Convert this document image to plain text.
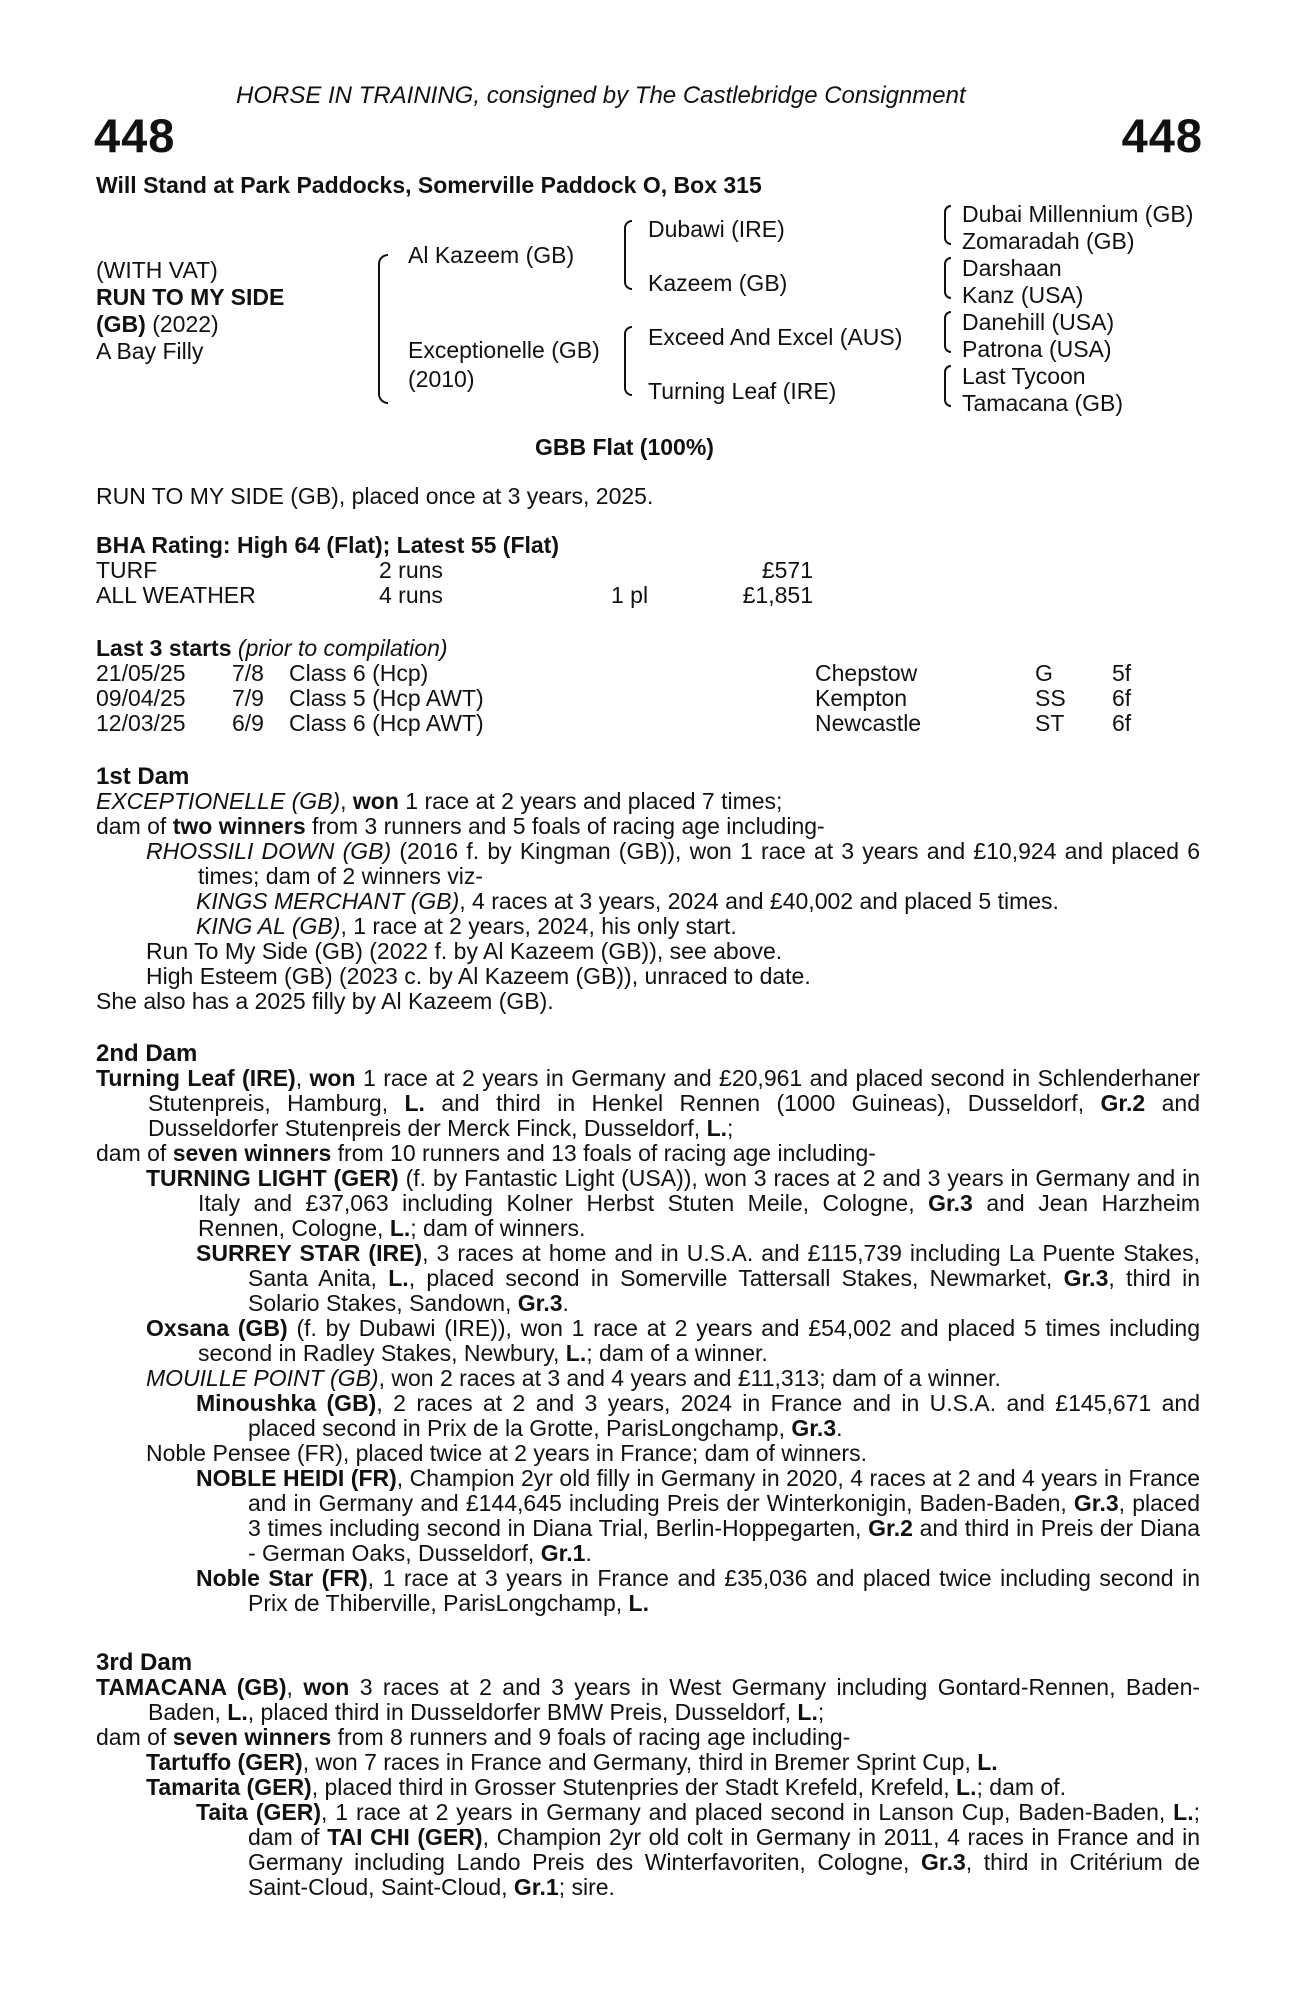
HORSE IN TRAINING, consigned by The Castlebridge Consignment
448	448
Will Stand at Park Paddocks, Somerville Paddock O, Box 315
(WITH VAT)
RUN TO MY SIDE
(GB) (2022)
A Bay Filly
Al Kazeem (GB)
Exceptionelle (GB)
(2010)
Dubawi (IRE)
Kazeem (GB)
Exceed And Excel (AUS)
Turning Leaf (IRE)
Dubai Millennium (GB)
Zomaradah (GB)
Darshaan
Kanz (USA)
Danehill (USA)
Patrona (USA)
Last Tycoon
Tamacana (GB)
GBB Flat (100%)
RUN TO MY SIDE (GB), placed once at 3 years, 2025.
BHA Rating: High 64 (Flat); Latest 55 (Flat)
TURF	2 runs		£571
ALL WEATHER	4 runs	1 pl	£1,851
Last 3 starts (prior to compilation)
21/05/25	7/8	Class 6 (Hcp)	Chepstow	G	5f
09/04/25	7/9	Class 5 (Hcp AWT)	Kempton	SS	6f
12/03/25	6/9	Class 6 (Hcp AWT)	Newcastle	ST	6f

1st Dam

EXCEPTIONELLE (GB), won 1 race at 2 years and placed 7 times;

dam of two winners from 3 runners and 5 foals of racing age including-

RHOSSILI DOWN (GB) (2016 f. by Kingman (GB)), won 1 race at 3 years and £10,924 and placed 6 times; dam of 2 winners viz-

KINGS MERCHANT (GB), 4 races at 3 years, 2024 and £40,002 and placed 5 times.

KING AL (GB), 1 race at 2 years, 2024, his only start.

Run To My Side (GB) (2022 f. by Al Kazeem (GB)), see above.

High Esteem (GB) (2023 c. by Al Kazeem (GB)), unraced to date.

She also has a 2025 filly by Al Kazeem (GB).

2nd Dam

Turning Leaf (IRE), won 1 race at 2 years in Germany and £20,961 and placed second in Schlenderhaner Stutenpreis, Hamburg, L. and third in Henkel Rennen (1000 Guineas), Dusseldorf, Gr.2 and Dusseldorfer Stutenpreis der Merck Finck, Dusseldorf, L.;

dam of seven winners from 10 runners and 13 foals of racing age including-

TURNING LIGHT (GER) (f. by Fantastic Light (USA)), won 3 races at 2 and 3 years in Germany and in Italy and £37,063 including Kolner Herbst Stuten Meile, Cologne, Gr.3 and Jean Harzheim Rennen, Cologne, L.; dam of winners.

SURREY STAR (IRE), 3 races at home and in U.S.A. and £115,739 including La Puente Stakes, Santa Anita, L., placed second in Somerville Tattersall Stakes, Newmarket, Gr.3, third in Solario Stakes, Sandown, Gr.3.

Oxsana (GB) (f. by Dubawi (IRE)), won 1 race at 2 years and £54,002 and placed 5 times including second in Radley Stakes, Newbury, L.; dam of a winner.

MOUILLE POINT (GB), won 2 races at 3 and 4 years and £11,313; dam of a winner.

Minoushka (GB), 2 races at 2 and 3 years, 2024 in France and in U.S.A. and £145,671 and placed second in Prix de la Grotte, ParisLongchamp, Gr.3.

Noble Pensee (FR), placed twice at 2 years in France; dam of winners.

NOBLE HEIDI (FR), Champion 2yr old filly in Germany in 2020, 4 races at 2 and 4 years in France and in Germany and £144,645 including Preis der Winterkonigin, Baden-Baden, Gr.3, placed 3 times including second in Diana Trial, Berlin-Hoppegarten, Gr.2 and third in Preis der Diana - German Oaks, Dusseldorf, Gr.1.

Noble Star (FR), 1 race at 3 years in France and £35,036 and placed twice including second in Prix de Thiberville, ParisLongchamp, L.

3rd Dam

TAMACANA (GB), won 3 races at 2 and 3 years in West Germany including Gontard-Rennen, Baden-Baden, L., placed third in Dusseldorfer BMW Preis, Dusseldorf, L.;

dam of seven winners from 8 runners and 9 foals of racing age including-

Tartuffo (GER), won 7 races in France and Germany, third in Bremer Sprint Cup, L.

Tamarita (GER), placed third in Grosser Stutenpries der Stadt Krefeld, Krefeld, L.; dam of.

Taita (GER), 1 race at 2 years in Germany and placed second in Lanson Cup, Baden-Baden, L.; dam of TAI CHI (GER), Champion 2yr old colt in Germany in 2011, 4 races in France and in Germany including Lando Preis des Winterfavoriten, Cologne, Gr.3, third in Critérium de Saint-Cloud, Saint-Cloud, Gr.1; sire.
